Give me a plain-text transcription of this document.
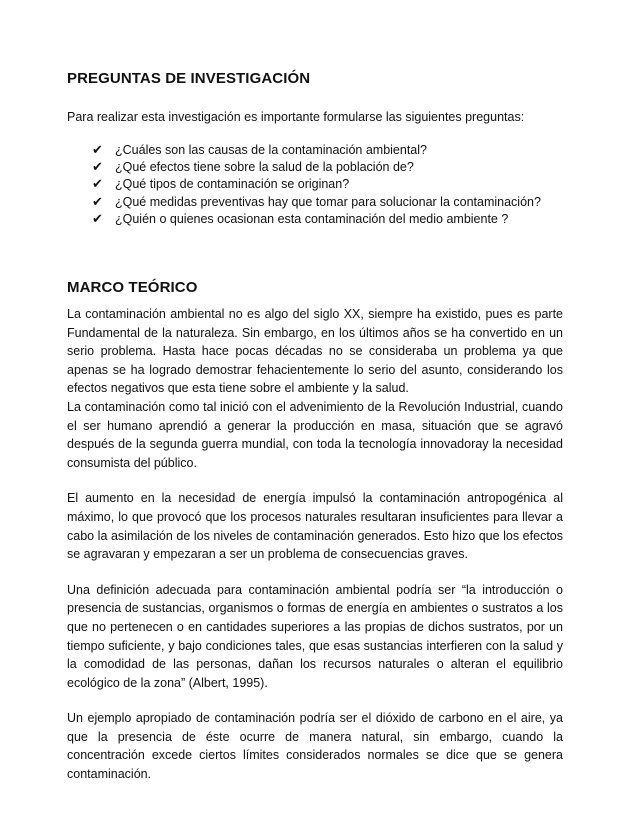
PREGUNTAS DE INVESTIGACIÓN

Para realizar esta investigación es importante formularse las siguientes preguntas:

✔ ¿Cuáles son las causas de la contaminación ambiental?
✔ ¿Qué efectos tiene sobre la salud de la población de?
✔ ¿Qué tipos de contaminación se originan?
✔ ¿Qué medidas preventivas hay que tomar para solucionar la contaminación?
✔ ¿Quién o quienes ocasionan esta contaminación del medio ambiente ?
MARCO TEÓRICO

La contaminación ambiental no es algo del siglo XX, siempre ha existido, pues es parte Fundamental de la naturaleza. Sin embargo, en los últimos años se ha convertido en un serio problema. Hasta hace pocas décadas no se consideraba un problema ya que apenas se ha logrado demostrar fehacientemente lo serio del asunto, considerando los efectos negativos que esta tiene sobre el ambiente y la salud.

La contaminación como tal inició con el advenimiento de la Revolución Industrial, cuando el ser humano aprendió a generar la producción en masa, situación que se agravó después de la segunda guerra mundial, con toda la tecnología innovadoray la necesidad consumista del público.

El aumento en la necesidad de energía impulsó la contaminación antropogénica al máximo, lo que provocó que los procesos naturales resultaran insuficientes para llevar a cabo la asimilación de los niveles de contaminación generados. Esto hizo que los efectos se agravaran y empezaran a ser un problema de consecuencias graves.

Una definición adecuada para contaminación ambiental podría ser “la introducción o presencia de sustancias, organismos o formas de energía en ambientes o sustratos a los que no pertenecen o en cantidades superiores a las propias de dichos sustratos, por un tiempo suficiente, y bajo condiciones tales, que esas sustancias interfieren con la salud y la comodidad de las personas, dañan los recursos naturales o alteran el equilibrio ecológico de la zona” (Albert, 1995).

Un ejemplo apropiado de contaminación podría ser el dióxido de carbono en el aire, ya que la presencia de éste ocurre de manera natural, sin embargo, cuando la concentración excede ciertos límites considerados normales se dice que se genera contaminación.
